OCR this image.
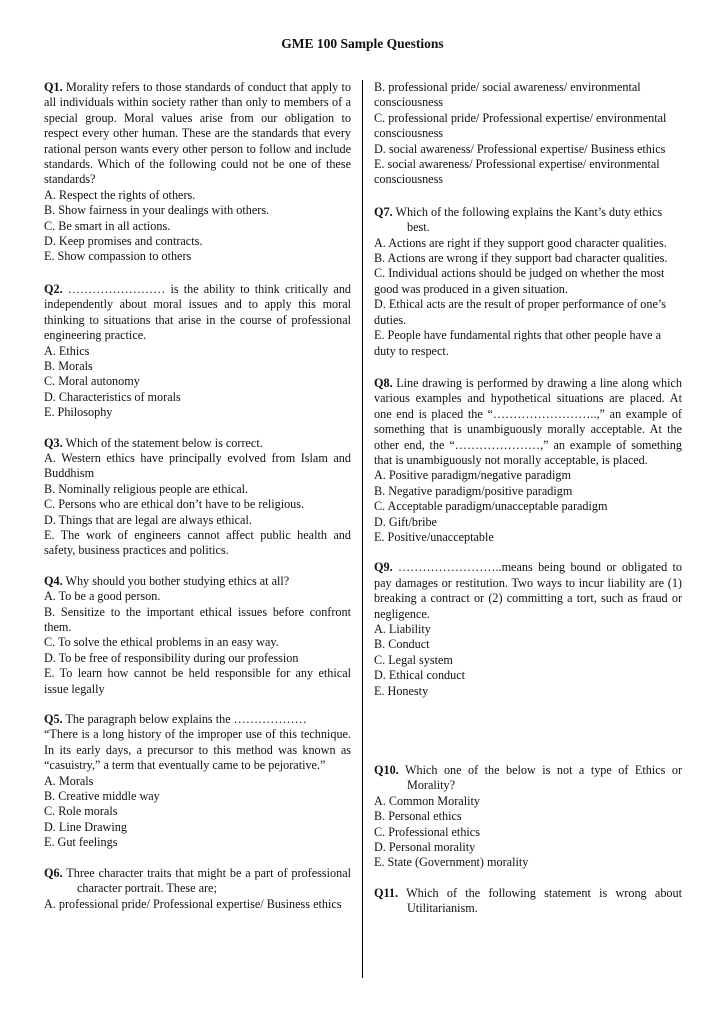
GME 100 Sample Questions

Q1. Morality refers to those standards of conduct that apply to all individuals within society rather than only to members of a special group. Moral values arise from our obligation to respect every other human. These are the standards that every rational person wants every other person to follow and include standards. Which of the following could not be one of these standards?

A. Respect the rights of others.

B. Show fairness in your dealings with others.

C. Be smart in all actions.

D. Keep promises and contracts.

E. Show compassion to others

Q2. …………………… is the ability to think critically and independently about moral issues and to apply this moral thinking to situations that arise in the course of professional engineering practice.

A. Ethics

B. Morals

C. Moral autonomy

D. Characteristics of morals

E. Philosophy

Q3. Which of the statement below is correct.

A. Western ethics have principally evolved from Islam and Buddhism

B. Nominally religious people are ethical.

C. Persons who are ethical don’t have to be religious.

D. Things that are legal are always ethical.

E. The work of engineers cannot affect public health and safety, business practices and politics.

Q4. Why should you bother studying ethics at all?

A. To be a good person.

B. Sensitize to the important ethical issues before confront them.

C. To solve the ethical problems in an easy way.

D. To be free of responsibility during our profession

E. To learn how cannot be held responsible for any ethical issue legally

Q5. The paragraph below explains the ………………

“There is a long history of the improper use of this technique. In its early days, a precursor to this method was known as “casuistry,” a term that eventually came to be pejorative.”

A. Morals

B. Creative middle way

C. Role morals

D. Line Drawing

E. Gut feelings

Q6. Three character traits that might be a part of professional character portrait. These are;

A. professional pride/ Professional expertise/ Business ethics

B. professional pride/ social awareness/ environmental consciousness

C. professional pride/ Professional expertise/ environmental consciousness

D. social awareness/ Professional expertise/ Business ethics

E. social awareness/ Professional expertise/ environmental consciousness

Q7. Which of the following explains the Kant’s duty ethics best.

A. Actions are right if they support good character qualities.

B. Actions are wrong if they support bad character qualities.

C. Individual actions should be judged on whether the most good was produced in a given situation.

D. Ethical acts are the result of proper performance of one’s duties.

E. People have fundamental rights that other people have a duty to respect.

Q8. Line drawing is performed by drawing a line along which various examples and hypothetical situations are placed. At one end is placed the “……………………..,” an example of something that is unambiguously morally acceptable. At the other end, the “…………………,” an example of something that is unambiguously not morally acceptable, is placed.

A. Positive paradigm/negative paradigm

B. Negative paradigm/positive paradigm

C. Acceptable paradigm/unacceptable paradigm

D. Gift/bribe

E. Positive/unacceptable

Q9. ……………………..means being bound or obligated to pay damages or restitution. Two ways to incur liability are (1) breaking a contract or (2) committing a tort, such as fraud or negligence.

A. Liability

B. Conduct

C. Legal system

D. Ethical conduct

E. Honesty

Q10. Which one of the below is not a type of Ethics or Morality?

A. Common Morality

B. Personal ethics

C. Professional ethics

D. Personal morality

E. State (Government) morality

Q11. Which of the following statement is wrong about Utilitarianism.
